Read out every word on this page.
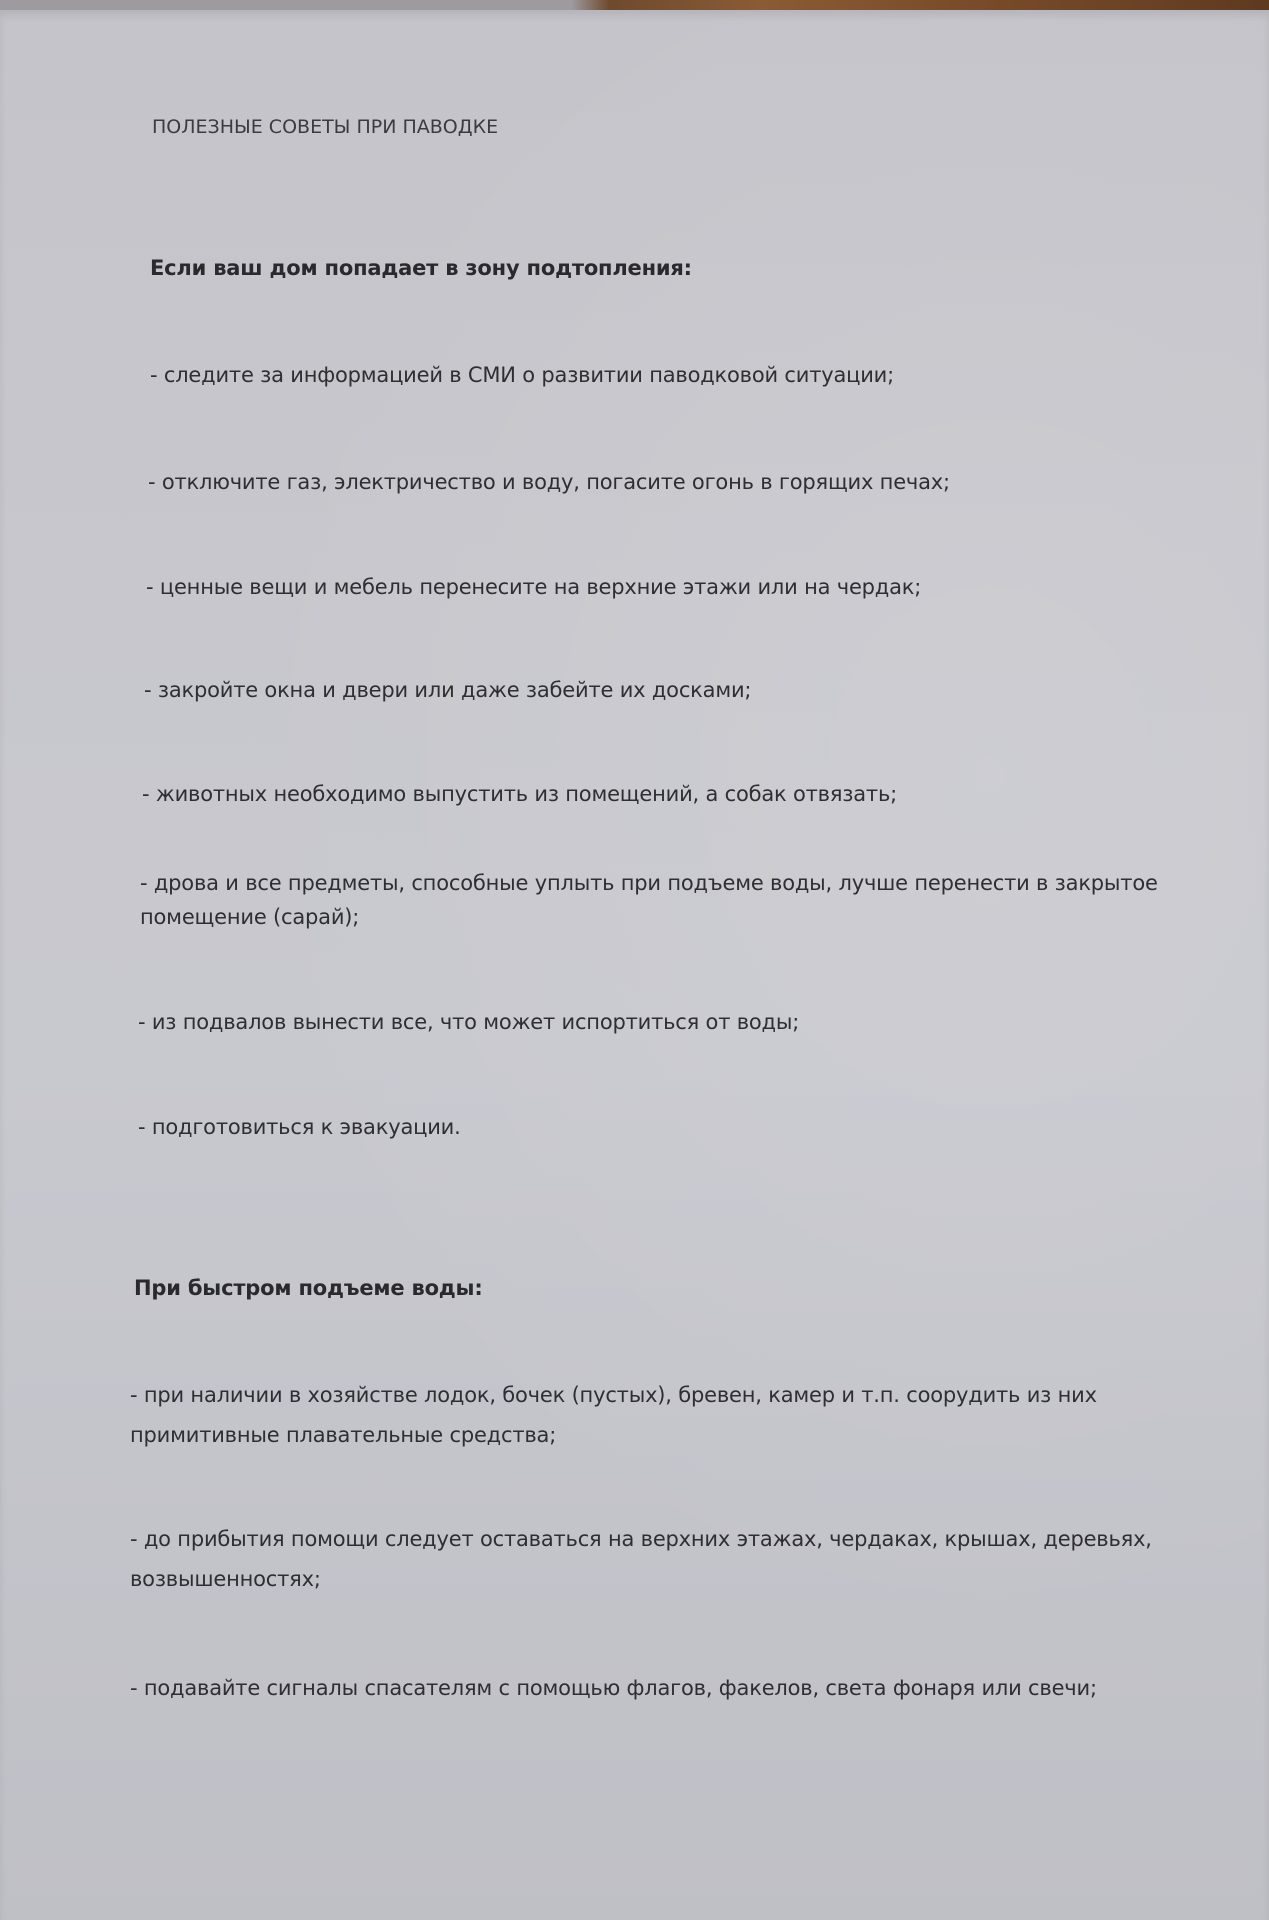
ПОЛЕЗНЫЕ СОВЕТЫ ПРИ ПАВОДКЕ
Если ваш дом попадает в зону подтопления:
- следите за информацией в СМИ о развитии паводковой ситуации;
- отключите газ, электричество и воду, погасите огонь в горящих печах;
- ценные вещи и мебель перенесите на верхние этажи или на чердак;
- закройте окна и двери или даже забейте их досками;
- животных необходимо выпустить из помещений, а собак отвязать;
- дрова и все предметы, способные уплыть при подъеме воды, лучше перенести в закрытое помещение (сарай);
- из подвалов вынести все, что может испортиться от воды;
- подготовиться к эвакуации.
При быстром подъеме воды:
- при наличии в хозяйстве лодок, бочек (пустых), бревен, камер и т.п. соорудить из них примитивные плавательные средства;
- до прибытия помощи следует оставаться на верхних этажах, чердаках, крышах, деревьях, возвышенностях;
- подавайте сигналы спасателям с помощью флагов, факелов, света фонаря или свечи;
